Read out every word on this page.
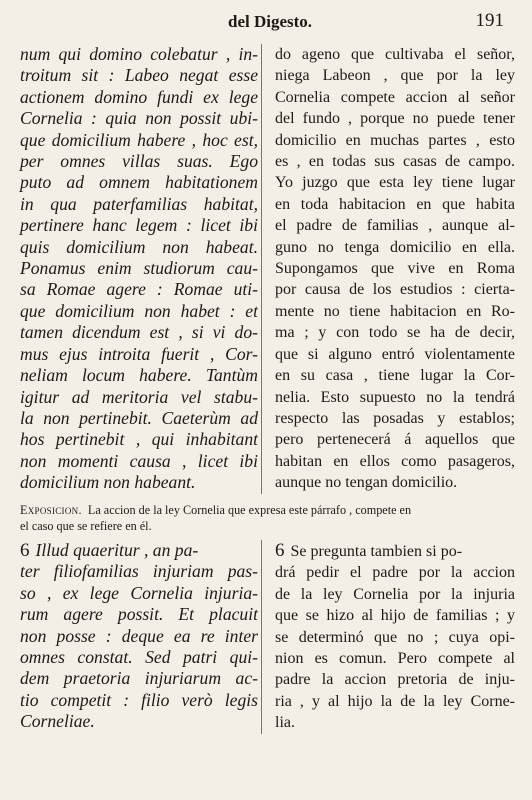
del Digesto.	191
num qui domino colebatur , in-
troitum sit : Labeo negat esse
actionem domino fundi ex lege
Cornelia : quia non possit ubi-
que domicilium habere , hoc est,
per omnes villas suas. Ego
puto ad omnem habitationem
in qua paterfamilias habitat,
pertinere hanc legem : licet ibi
quis domicilium non habeat.
Ponamus enim studiorum cau-
sa Romae agere : Romae uti-
que domicilium non habet : et
tamen dicendum est , si vi do-
mus ejus introita fuerit , Cor-
neliam locum habere. Tantùm
igitur ad meritoria vel stabu-
la non pertinebit. Caeterùm ad
hos pertinebit , qui inhabitant
non momenti causa , licet ibi
domicilium non habeant.
do ageno que cultivaba el señor,
niega Labeon , que por la ley
Cornelia compete accion al señor
del fundo , porque no puede tener
domicilio en muchas partes , esto
es , en todas sus casas de campo.
Yo juzgo que esta ley tiene lugar
en toda habitacion en que habita
el padre de familias , aunque al-
guno no tenga domicilio en ella.
Supongamos que vive en Roma
por causa de los estudios : cierta-
mente no tiene habitacion en Ro-
ma ; y con todo se ha de decir,
que si alguno entró violentamente
en su casa , tiene lugar la Cor-
nelia. Esto supuesto no la tendrá
respecto las posadas y establos;
pero pertenecerá á aquellos que
habitan en ellos como pasageros,
aunque no tengan domicilio.
Exposicion. La accion de la ley Cornelia que expresa este párrafo , compete en
el caso que se refiere en él.
6 Illud quaeritur , an pa-
ter filiofamilias injuriam pas-
so , ex lege Cornelia injuria-
rum agere possit. Et placuit
non posse : deque ea re inter
omnes constat. Sed patri qui-
dem praetoria injuriarum ac-
tio competit : filio verò legis
Corneliae.
6 Se pregunta tambien si po-
drá pedir el padre por la accion
de la ley Cornelia por la injuria
que se hizo al hijo de familias ; y
se determinó que no ; cuya opi-
nion es comun. Pero compete al
padre la accion pretoria de inju-
ria , y al hijo la de la ley Corne-
lia.
